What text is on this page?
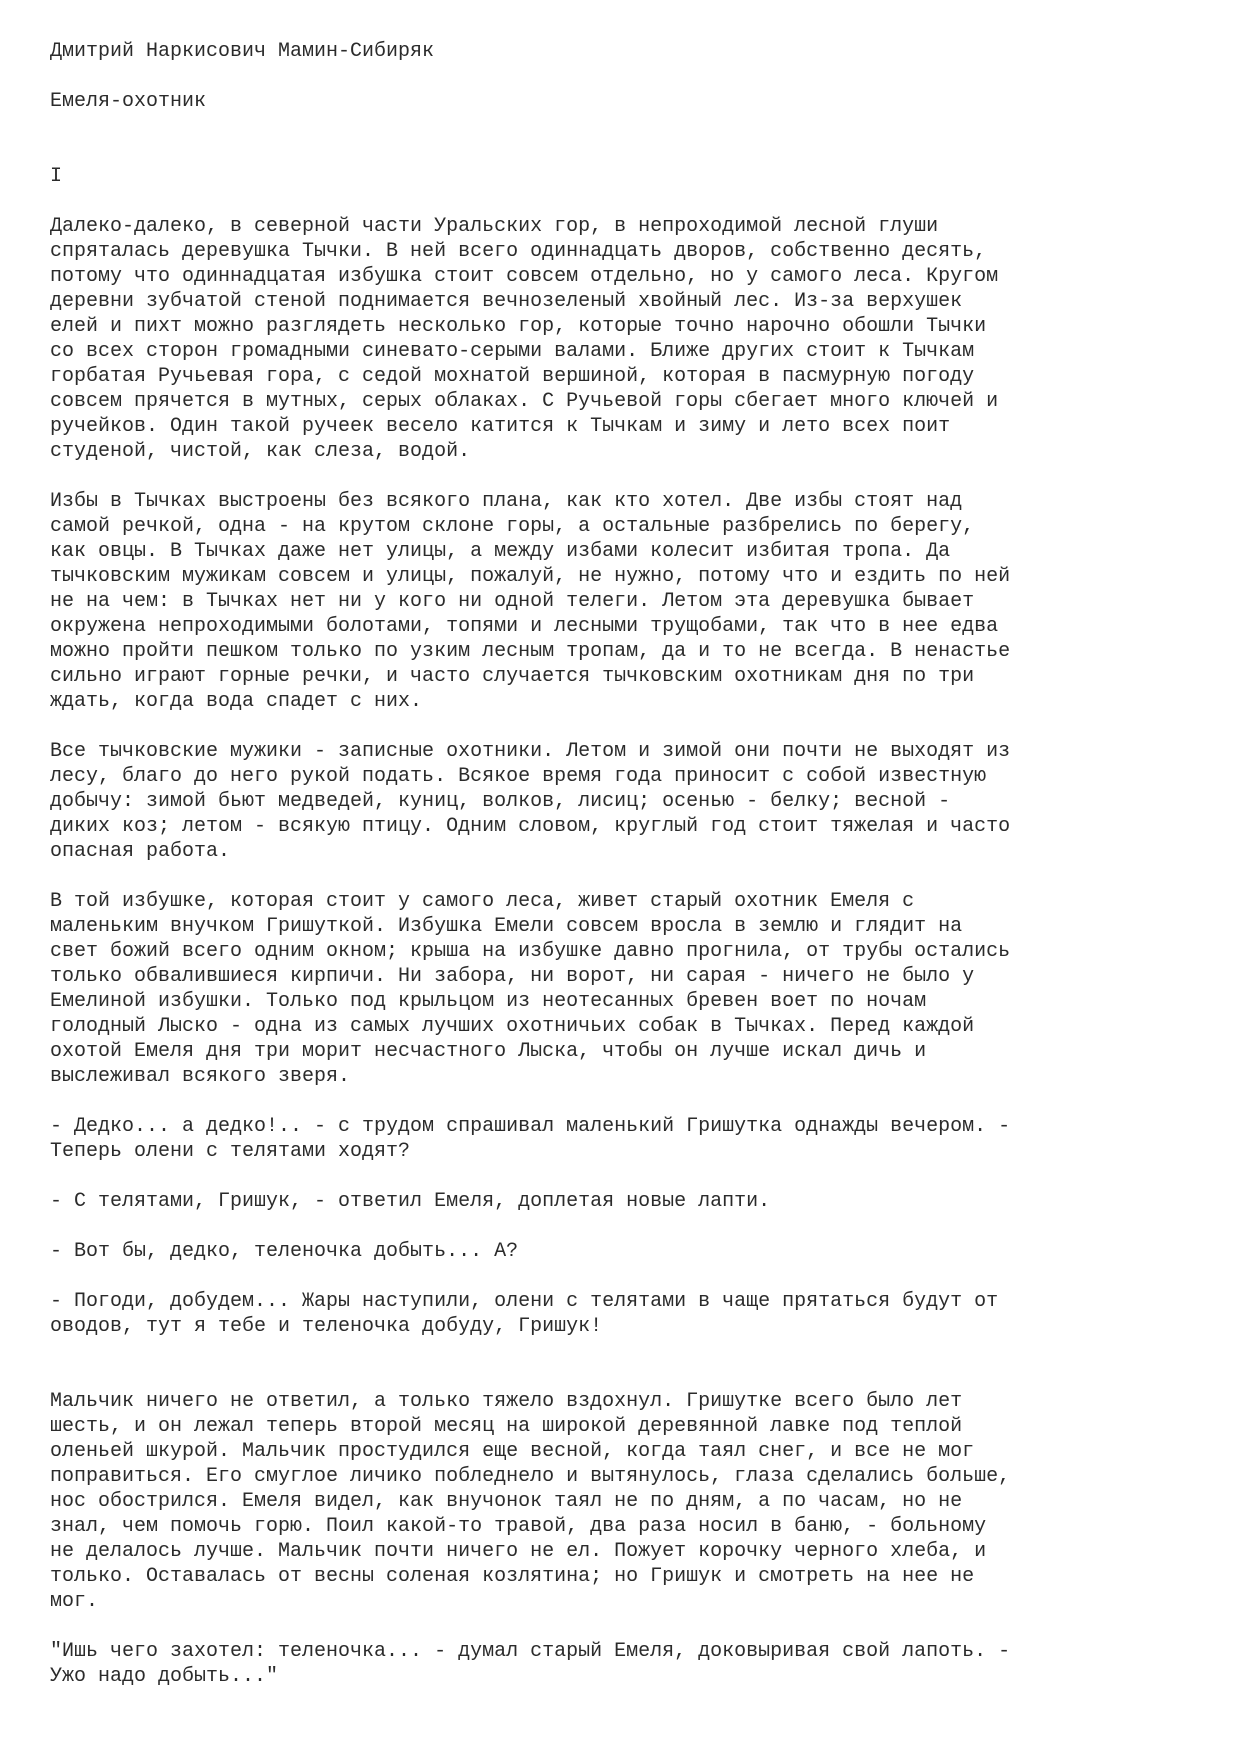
Дмитрий Наркисович Мамин-Сибиряк
Емеля-охотник
I
Далеко-далеко, в северной части Уральских гор, в непроходимой лесной глуши
спряталась деревушка Тычки. В ней всего одиннадцать дворов, собственно десять,
потому что одиннадцатая избушка стоит совсем отдельно, но у самого леса. Кругом
деревни зубчатой стеной поднимается вечнозеленый хвойный лес. Из-за верхушек
елей и пихт можно разглядеть несколько гор, которые точно нарочно обошли Тычки
со всех сторон громадными синевато-серыми валами. Ближе других стоит к Тычкам
горбатая Ручьевая гора, с седой мохнатой вершиной, которая в пасмурную погоду
совсем прячется в мутных, серых облаках. С Ручьевой горы сбегает много ключей и
ручейков. Один такой ручеек весело катится к Тычкам и зиму и лето всех поит
студеной, чистой, как слеза, водой.
Избы в Тычках выстроены без всякого плана, как кто хотел. Две избы стоят над
самой речкой, одна - на крутом склоне горы, а остальные разбрелись по берегу,
как овцы. В Тычках даже нет улицы, а между избами колесит избитая тропа. Да
тычковским мужикам совсем и улицы, пожалуй, не нужно, потому что и ездить по ней
не на чем: в Тычках нет ни у кого ни одной телеги. Летом эта деревушка бывает
окружена непроходимыми болотами, топями и лесными трущобами, так что в нее едва
можно пройти пешком только по узким лесным тропам, да и то не всегда. В ненастье
сильно играют горные речки, и часто случается тычковским охотникам дня по три
ждать, когда вода спадет с них.
Все тычковские мужики - записные охотники. Летом и зимой они почти не выходят из
лесу, благо до него рукой подать. Всякое время года приносит с собой известную
добычу: зимой бьют медведей, куниц, волков, лисиц; осенью - белку; весной -
диких коз; летом - всякую птицу. Одним словом, круглый год стоит тяжелая и часто
опасная работа.
В той избушке, которая стоит у самого леса, живет старый охотник Емеля с
маленьким внучком Гришуткой. Избушка Емели совсем вросла в землю и глядит на
свет божий всего одним окном; крыша на избушке давно прогнила, от трубы остались
только обвалившиеся кирпичи. Ни забора, ни ворот, ни сарая - ничего не было у
Емелиной избушки. Только под крыльцом из неотесанных бревен воет по ночам
голодный Лыско - одна из самых лучших охотничьих собак в Тычках. Перед каждой
охотой Емеля дня три морит несчастного Лыска, чтобы он лучше искал дичь и
выслеживал всякого зверя.
- Дедко... а дедко!.. - с трудом спрашивал маленький Гришутка однажды вечером. -
Теперь олени с телятами ходят?
- С телятами, Гришук, - ответил Емеля, доплетая новые лапти.
- Вот бы, дедко, теленочка добыть... А?
- Погоди, добудем... Жары наступили, олени с телятами в чаще прятаться будут от
оводов, тут я тебе и теленочка добуду, Гришук!
Мальчик ничего не ответил, а только тяжело вздохнул. Гришутке всего было лет
шесть, и он лежал теперь второй месяц на широкой деревянной лавке под теплой
оленьей шкурой. Мальчик простудился еще весной, когда таял снег, и все не мог
поправиться. Его смуглое личико побледнело и вытянулось, глаза сделались больше,
нос обострился. Емеля видел, как внучонок таял не по дням, а по часам, но не
знал, чем помочь горю. Поил какой-то травой, два раза носил в баню, - больному
не делалось лучше. Мальчик почти ничего не ел. Пожует корочку черного хлеба, и
только. Оставалась от весны соленая козлятина; но Гришук и смотреть на нее не
мог.
"Ишь чего захотел: теленочка... - думал старый Емеля, доковыривая свой лапоть. -
Ужо надо добыть..."
